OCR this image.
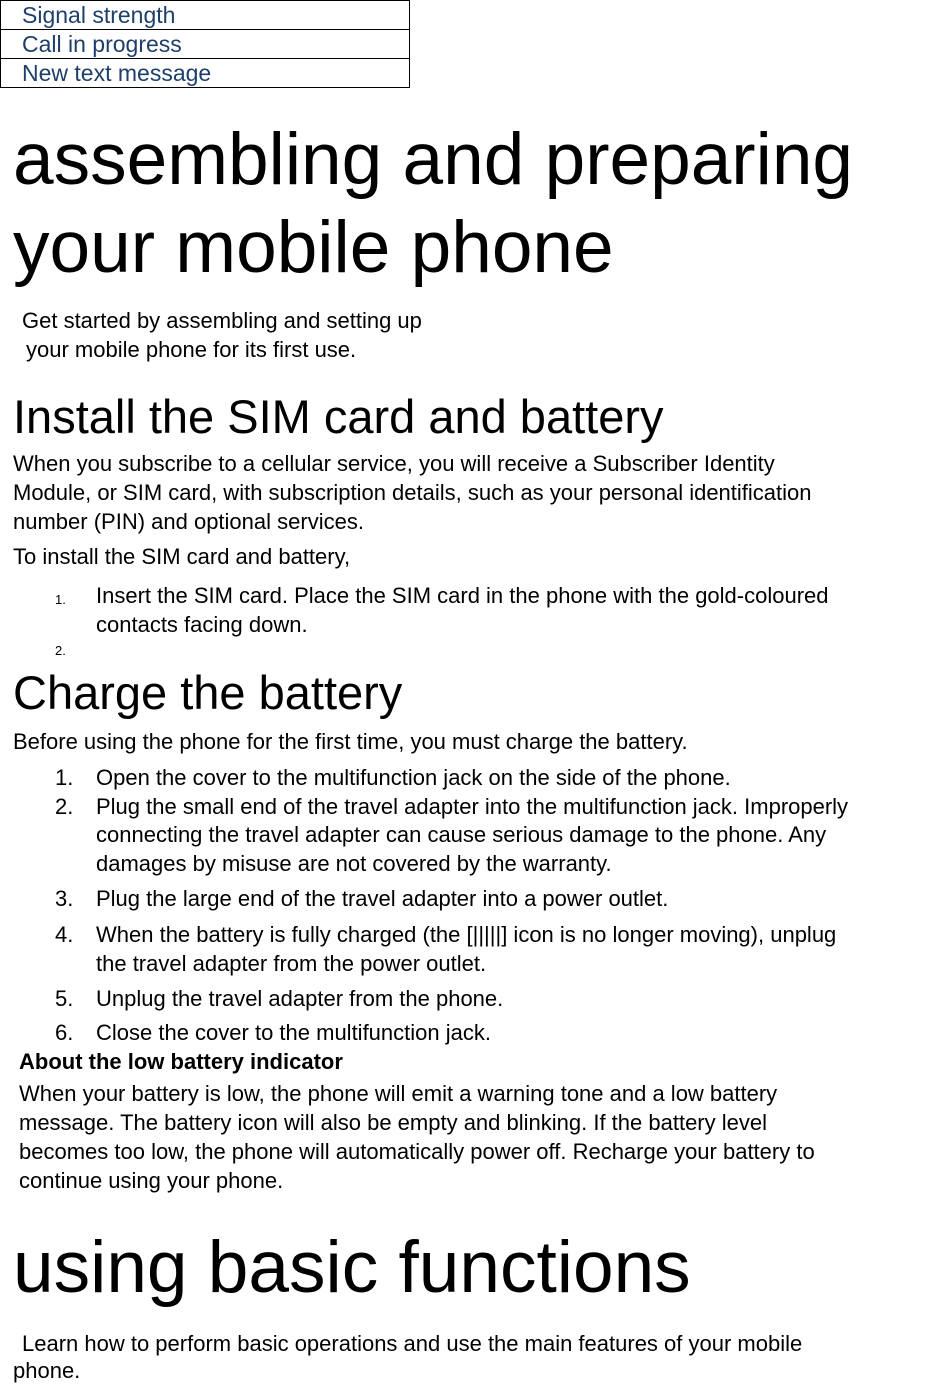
Signal strength
Call in progress
New text message
assembling and preparing
your mobile phone
Get started by assembling and setting up
your mobile phone for its first use.
Install the SIM card and battery
When you subscribe to a cellular service, you will receive a Subscriber Identity
Module, or SIM card, with subscription details, such as your personal identification
number (PIN) and optional services.
To install the SIM card and battery,
1. Insert the SIM card. Place the SIM card in the phone with the gold-coloured
contacts facing down.
2.
Charge the battery
Before using the phone for the first time, you must charge the battery.
1. Open the cover to the multifunction jack on the side of the phone.
2. Plug the small end of the travel adapter into the multifunction jack. Improperly
connecting the travel adapter can cause serious damage to the phone. Any
damages by misuse are not covered by the warranty.
3. Plug the large end of the travel adapter into a power outlet.
4. When the battery is fully charged (the [|||||] icon is no longer moving), unplug
the travel adapter from the power outlet.
5. Unplug the travel adapter from the phone.
6. Close the cover to the multifunction jack.
About the low battery indicator
When your battery is low, the phone will emit a warning tone and a low battery
message. The battery icon will also be empty and blinking. If the battery level
becomes too low, the phone will automatically power off. Recharge your battery to
continue using your phone.
using basic functions
Learn how to perform basic operations and use the main features of your mobile
phone.
